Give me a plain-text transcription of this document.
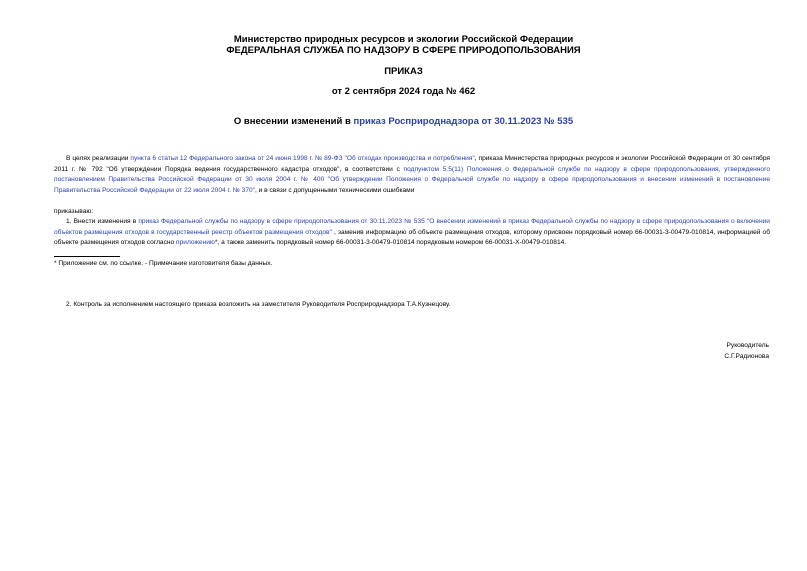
Министерство природных ресурсов и экологии Российской Федерации
ФЕДЕРАЛЬНАЯ СЛУЖБА ПО НАДЗОРУ В СФЕРЕ ПРИРОДОПОЛЬЗОВАНИЯ
ПРИКАЗ
от 2 сентября 2024 года № 462
О внесении изменений в приказ Росприроднадзора от 30.11.2023 № 535
В целях реализации пункта 6 статьи 12 Федерального закона от 24 июня 1998 г. № 89-ФЗ "Об отходах производства и потребления", приказа Министерства природных ресурсов и экологии Российской Федерации от 30 сентября 2011 г. № 792 "Об утверждении Порядка ведения государственного кадастра отходов", в соответствии с подпунктом 5.5(11) Положения о Федеральной службе по надзору в сфере природопользования, утвержденного постановлением Правительства Российской Федерации от 30 июля 2004 г. № 400 "Об утверждении Положения о Федеральной службе по надзору в сфере природопользования и внесении изменений в постановление Правительства Российской Федерации от 22 июля 2004 г. № 370", и в связи с допущенными техническими ошибками
приказываю:
1. Внести изменения в приказ Федеральной службы по надзору в сфере природопользования от 30.11.2023 № 535 "О внесении изменений в приказ Федеральной службы по надзору в сфере природопользования о включении объектов размещения отходов в государственный реестр объектов размещения отходов" , заменив информацию об объекте размещения отходов, которому присвоен порядковый номер 66-00031-3-00479-010814, информацией об объекте размещения отходов согласно приложению*, а также заменить порядковый номер 66-00031-3-00479-010814 порядковым номером 66-00031-Х-00479-010814.
* Приложение см. по ссылке. - Примечание изготовителя базы данных.
2. Контроль за исполнением настоящего приказа возложить на заместителя Руководителя Росприроднадзора Т.А.Кузнецову.
Руководитель
С.Г.Радионова
